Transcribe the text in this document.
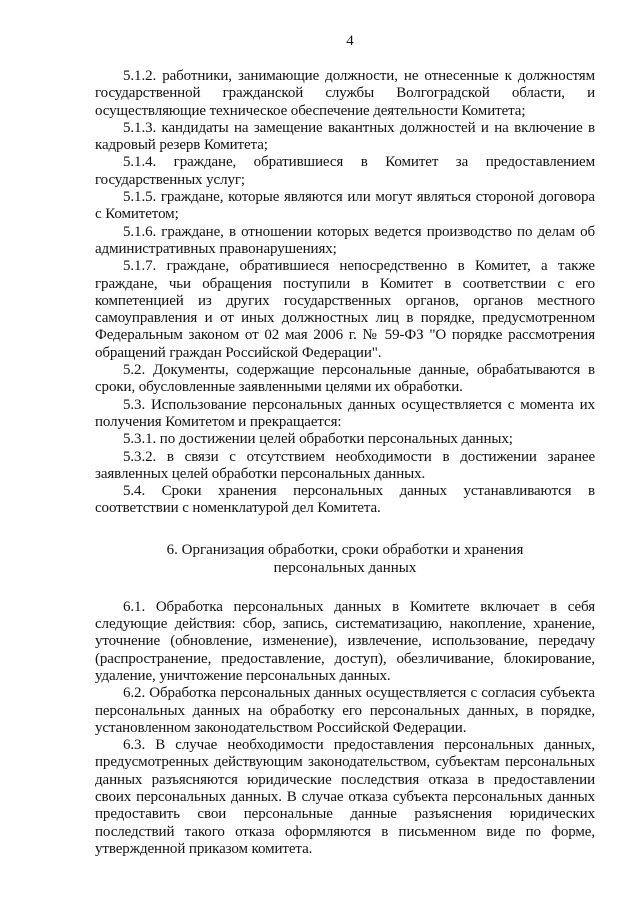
4

5.1.2. работники, занимающие должности, не отнесенные к должностям государственной гражданской службы Волгоградской области, и осуществляющие техническое обеспечение деятельности Комитета;

5.1.3. кандидаты на замещение вакантных должностей и на включение в кадровый резерв Комитета;

5.1.4. граждане, обратившиеся в Комитет за предоставлением государственных услуг;

5.1.5. граждане, которые являются или могут являться стороной договора с Комитетом;

5.1.6. граждане, в отношении которых ведется производство по делам об административных правонарушениях;

5.1.7. граждане, обратившиеся непосредственно в Комитет, а также граждане, чьи обращения поступили в Комитет в соответствии с его компетенцией из других государственных органов, органов местного самоуправления и от иных должностных лиц в порядке, предусмотренном Федеральным законом от 02 мая 2006 г. № 59-ФЗ "О порядке рассмотрения обращений граждан Российской Федерации".

5.2. Документы, содержащие персональные данные, обрабатываются в сроки, обусловленные заявленными целями их обработки.

5.3. Использование персональных данных осуществляется с момента их получения Комитетом и прекращается:

5.3.1. по достижении целей обработки персональных данных;

5.3.2. в связи с отсутствием необходимости в достижении заранее заявленных целей обработки персональных данных.

5.4. Сроки хранения персональных данных устанавливаются в соответствии с номенклатурой дел Комитета.

6. Организация обработки, сроки обработки и хранения
персональных данных

6.1. Обработка персональных данных в Комитете включает в себя следующие действия: сбор, запись, систематизацию, накопление, хранение, уточнение (обновление, изменение), извлечение, использование, передачу (распространение, предоставление, доступ), обезличивание, блокирование, удаление, уничтожение персональных данных.

6.2. Обработка персональных данных осуществляется с согласия субъекта персональных данных на обработку его персональных данных, в порядке, установленном законодательством Российской Федерации.

6.3. В случае необходимости предоставления персональных данных, предусмотренных действующим законодательством, субъектам персональных данных разъясняются юридические последствия отказа в предоставлении своих персональных данных. В случае отказа субъекта персональных данных предоставить свои персональные данные разъяснения юридических последствий такого отказа оформляются в письменном виде по форме, утвержденной приказом комитета.
